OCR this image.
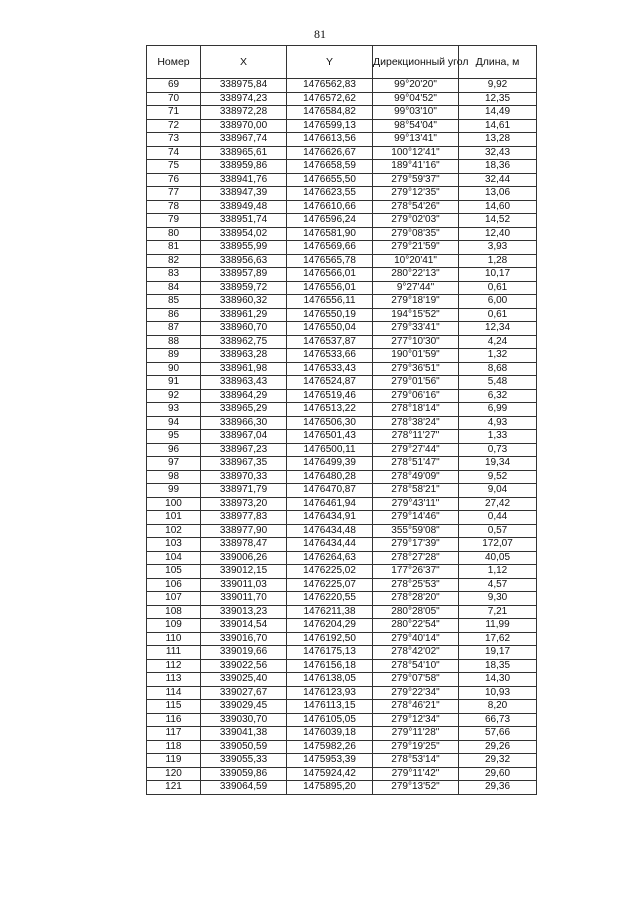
81
Номер	X	Y	Дирекционный угол	Длина, м
69	338975,84	1476562,83	99°20'20"	9,92
70	338974,23	1476572,62	99°04'52"	12,35
71	338972,28	1476584,82	99°03'10"	14,49
72	338970,00	1476599,13	98°54'04"	14,61
73	338967,74	1476613,56	99°13'41"	13,28
74	338965,61	1476626,67	100°12'41"	32,43
75	338959,86	1476658,59	189°41'16"	18,36
76	338941,76	1476655,50	279°59'37"	32,44
77	338947,39	1476623,55	279°12'35"	13,06
78	338949,48	1476610,66	278°54'26"	14,60
79	338951,74	1476596,24	279°02'03"	14,52
80	338954,02	1476581,90	279°08'35"	12,40
81	338955,99	1476569,66	279°21'59"	3,93
82	338956,63	1476565,78	10°20'41"	1,28
83	338957,89	1476566,01	280°22'13"	10,17
84	338959,72	1476556,01	9°27'44"	0,61
85	338960,32	1476556,11	279°18'19"	6,00
86	338961,29	1476550,19	194°15'52"	0,61
87	338960,70	1476550,04	279°33'41"	12,34
88	338962,75	1476537,87	277°10'30"	4,24
89	338963,28	1476533,66	190°01'59"	1,32
90	338961,98	1476533,43	279°36'51"	8,68
91	338963,43	1476524,87	279°01'56"	5,48
92	338964,29	1476519,46	279°06'16"	6,32
93	338965,29	1476513,22	278°18'14"	6,99
94	338966,30	1476506,30	278°38'24"	4,93
95	338967,04	1476501,43	278°11'27"	1,33
96	338967,23	1476500,11	279°27'44"	0,73
97	338967,35	1476499,39	278°51'47"	19,34
98	338970,33	1476480,28	278°49'09"	9,52
99	338971,79	1476470,87	278°58'21"	9,04
100	338973,20	1476461,94	279°43'11"	27,42
101	338977,83	1476434,91	279°14'46"	0,44
102	338977,90	1476434,48	355°59'08"	0,57
103	338978,47	1476434,44	279°17'39"	172,07
104	339006,26	1476264,63	278°27'28"	40,05
105	339012,15	1476225,02	177°26'37"	1,12
106	339011,03	1476225,07	278°25'53"	4,57
107	339011,70	1476220,55	278°28'20"	9,30
108	339013,23	1476211,38	280°28'05"	7,21
109	339014,54	1476204,29	280°22'54"	11,99
110	339016,70	1476192,50	279°40'14"	17,62
111	339019,66	1476175,13	278°42'02"	19,17
112	339022,56	1476156,18	278°54'10"	18,35
113	339025,40	1476138,05	279°07'58"	14,30
114	339027,67	1476123,93	279°22'34"	10,93
115	339029,45	1476113,15	278°46'21"	8,20
116	339030,70	1476105,05	279°12'34"	66,73
117	339041,38	1476039,18	279°11'28"	57,66
118	339050,59	1475982,26	279°19'25"	29,26
119	339055,33	1475953,39	278°53'14"	29,32
120	339059,86	1475924,42	279°11'42"	29,60
121	339064,59	1475895,20	279°13'52"	29,36
